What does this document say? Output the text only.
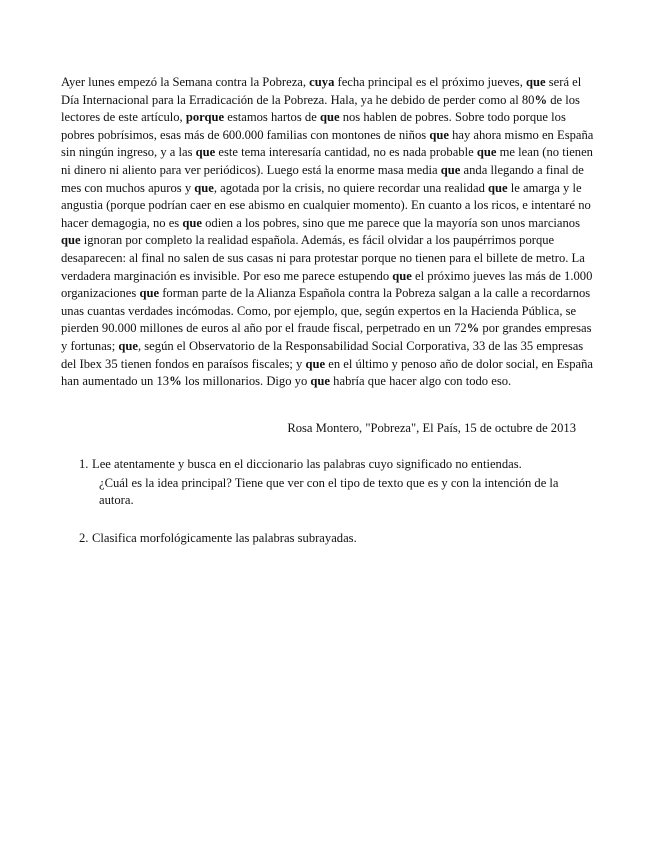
Ayer lunes empezó la Semana contra la Pobreza, cuya fecha principal es el próximo jueves, que será el Día Internacional para la Erradicación de la Pobreza. Hala, ya he debido de perder como al 80% de los lectores de este artículo, porque estamos hartos de que nos hablen de pobres. Sobre todo porque los pobres pobrísimos, esas más de 600.000 familias con montones de niños que hay ahora mismo en España sin ningún ingreso, y a las que este tema interesaría cantidad, no es nada probable que me lean (no tienen ni dinero ni aliento para ver periódicos). Luego está la enorme masa media que anda llegando a final de mes con muchos apuros y que, agotada por la crisis, no quiere recordar una realidad que le amarga y le angustia (porque podrían caer en ese abismo en cualquier momento). En cuanto a los ricos, e intentaré no hacer demagogia, no es que odien a los pobres, sino que me parece que la mayoría son unos marcianos que ignoran por completo la realidad española. Además, es fácil olvidar a los paupérrimos porque desaparecen: al final no salen de sus casas ni para protestar porque no tienen para el billete de metro. La verdadera marginación es invisible. Por eso me parece estupendo que el próximo jueves las más de 1.000 organizaciones que forman parte de la Alianza Española contra la Pobreza salgan a la calle a recordarnos unas cuantas verdades incómodas. Como, por ejemplo, que, según expertos en la Hacienda Pública, se pierden 90.000 millones de euros al año por el fraude fiscal, perpetrado en un 72% por grandes empresas y fortunas; que, según el Observatorio de la Responsabilidad Social Corporativa, 33 de las 35 empresas del Ibex 35 tienen fondos en paraísos fiscales; y que en el último y penoso año de dolor social, en España han aumentado un 13% los millonarios. Digo yo que habría que hacer algo con todo eso.

Rosa Montero, "Pobreza", El País, 15 de octubre de 2013
1. Lee atentamente y busca en el diccionario las palabras cuyo significado no entiendas.
¿Cuál es la idea principal? Tiene que ver con el tipo de texto que es y con la intención de la autora.
2. Clasifica morfológicamente las palabras subrayadas.
